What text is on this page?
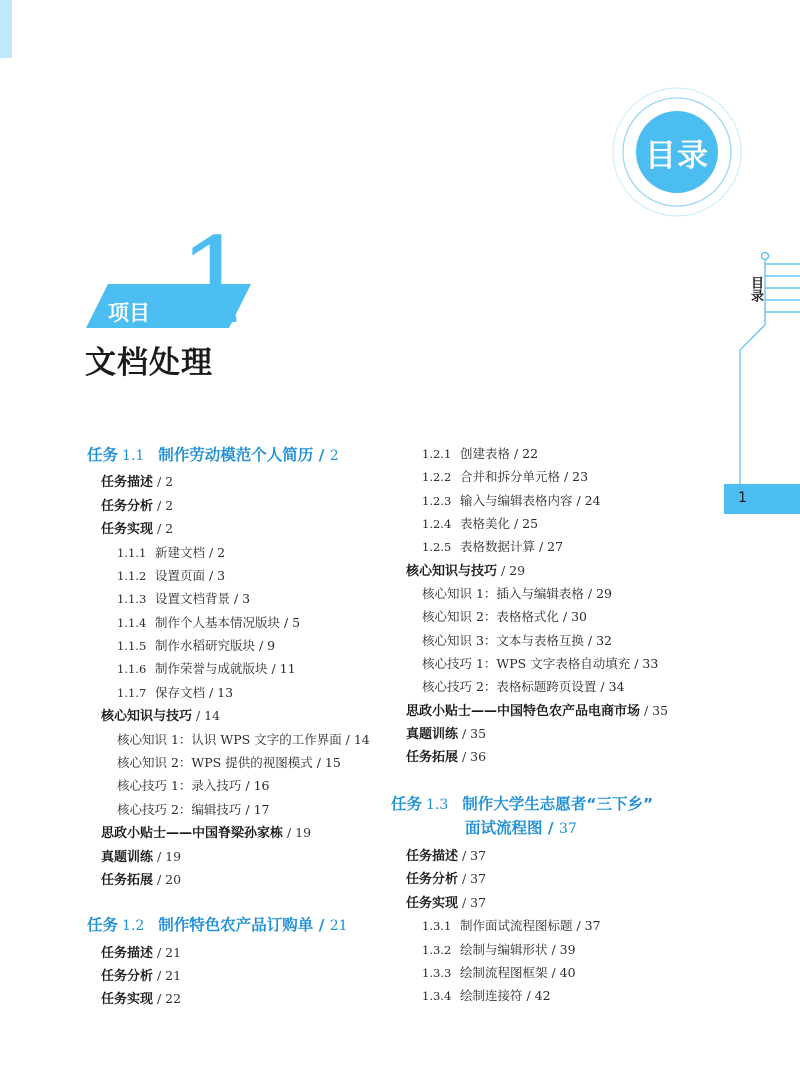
目录
目录
1
1
项目
文档处理
任务 1.1 制作劳动模范个人简历 / 2
任务描述 / 2
任务分析 / 2
任务实现 / 2
1.1.1 新建文档 / 2
1.1.2 设置页面 / 3
1.1.3 设置文档背景 / 3
1.1.4 制作个人基本情况版块 / 5
1.1.5 制作水稻研究版块 / 9
1.1.6 制作荣誉与成就版块 / 11
1.1.7 保存文档 / 13
核心知识与技巧 / 14
核心知识 1：认识 WPS 文字的工作界面 / 14
核心知识 2：WPS 提供的视图模式 / 15
核心技巧 1：录入技巧 / 16
核心技巧 2：编辑技巧 / 17
思政小贴士——中国脊梁孙家栋 / 19
真题训练 / 19
任务拓展 / 20
任务 1.2 制作特色农产品订购单 / 21
任务描述 / 21
任务分析 / 21
任务实现 / 22
1.2.1 创建表格 / 22
1.2.2 合并和拆分单元格 / 23
1.2.3 输入与编辑表格内容 / 24
1.2.4 表格美化 / 25
1.2.5 表格数据计算 / 27
核心知识与技巧 / 29
核心知识 1：插入与编辑表格 / 29
核心知识 2：表格格式化 / 30
核心知识 3：文本与表格互换 / 32
核心技巧 1：WPS 文字表格自动填充 / 33
核心技巧 2：表格标题跨页设置 / 34
思政小贴士——中国特色农产品电商市场 / 35
真题训练 / 35
任务拓展 / 36
任务 1.3 制作大学生志愿者“三下乡”
面试流程图 / 37
任务描述 / 37
任务分析 / 37
任务实现 / 37
1.3.1 制作面试流程图标题 / 37
1.3.2 绘制与编辑形状 / 39
1.3.3 绘制流程图框架 / 40
1.3.4 绘制连接符 / 42
